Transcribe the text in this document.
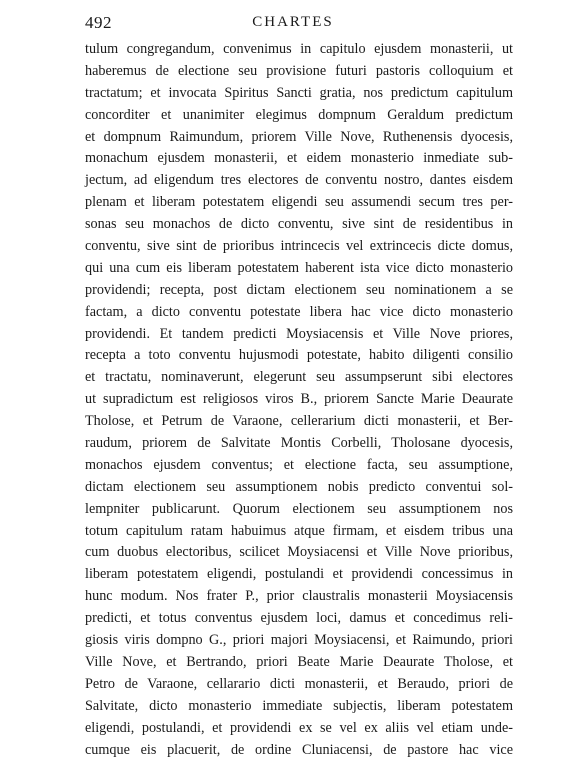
492	CHARTES
tulum congregandum, convenimus in capitulo ejusdem monasterii, ut
haberemus de electione seu provisione futuri pastoris colloquium et
tractatum; et invocata Spiritus Sancti gratia, nos predictum capitulum
concorditer et unanimiter elegimus dompnum Geraldum predictum
et dompnum Raimundum, priorem Ville Nove, Ruthenensis dyocesis,
monachum ejusdem monasterii, et eidem monasterio inmediate sub-
jectum, ad eligendum tres electores de conventu nostro, dantes eisdem
plenam et liberam potestatem eligendi seu assumendi secum tres per-
sonas seu monachos de dicto conventu, sive sint de residentibus in
conventu, sive sint de prioribus intrincecis vel extrincecis dicte domus,
qui una cum eis liberam potestatem haberent ista vice dicto monasterio
providendi; recepta, post dictam electionem seu nominationem a se
factam, a dicto conventu potestate libera hac vice dicto monasterio
providendi. Et tandem predicti Moysiacensis et Ville Nove priores,
recepta a toto conventu hujusmodi potestate, habito diligenti consilio
et tractatu, nominaverunt, elegerunt seu assumpserunt sibi electores
ut supradictum est religiosos viros B., priorem Sancte Marie Deaurate
Tholose, et Petrum de Varaone, cellerarium dicti monasterii, et Ber-
raudum, priorem de Salvitate Montis Corbelli, Tholosane dyocesis,
monachos ejusdem conventus; et electione facta, seu assumptione,
dictam electionem seu assumptionem nobis predicto conventui sol-
lempniter publicarunt. Quorum electionem seu assumptionem nos
totum capitulum ratam habuimus atque firmam, et eisdem tribus una
cum duobus electoribus, scilicet Moysiacensi et Ville Nove prioribus,
liberam potestatem eligendi, postulandi et providendi concessimus in
hunc modum. Nos frater P., prior claustralis monasterii Moysiacensis
predicti, et totus conventus ejusdem loci, damus et concedimus reli-
giosis viris dompno G., priori majori Moysiacensi, et Raimundo, priori
Ville Nove, et Bertrando, priori Beate Marie Deaurate Tholose, et
Petro de Varaone, cellarario dicti monasterii, et Beraudo, priori de
Salvitate, dicto monasterio immediate subjectis, liberam potestatem
eligendi, postulandi, et providendi ex se vel ex aliis vel etiam unde-
cumque eis placuerit, de ordine Cluniacensi, de pastore hac vice
